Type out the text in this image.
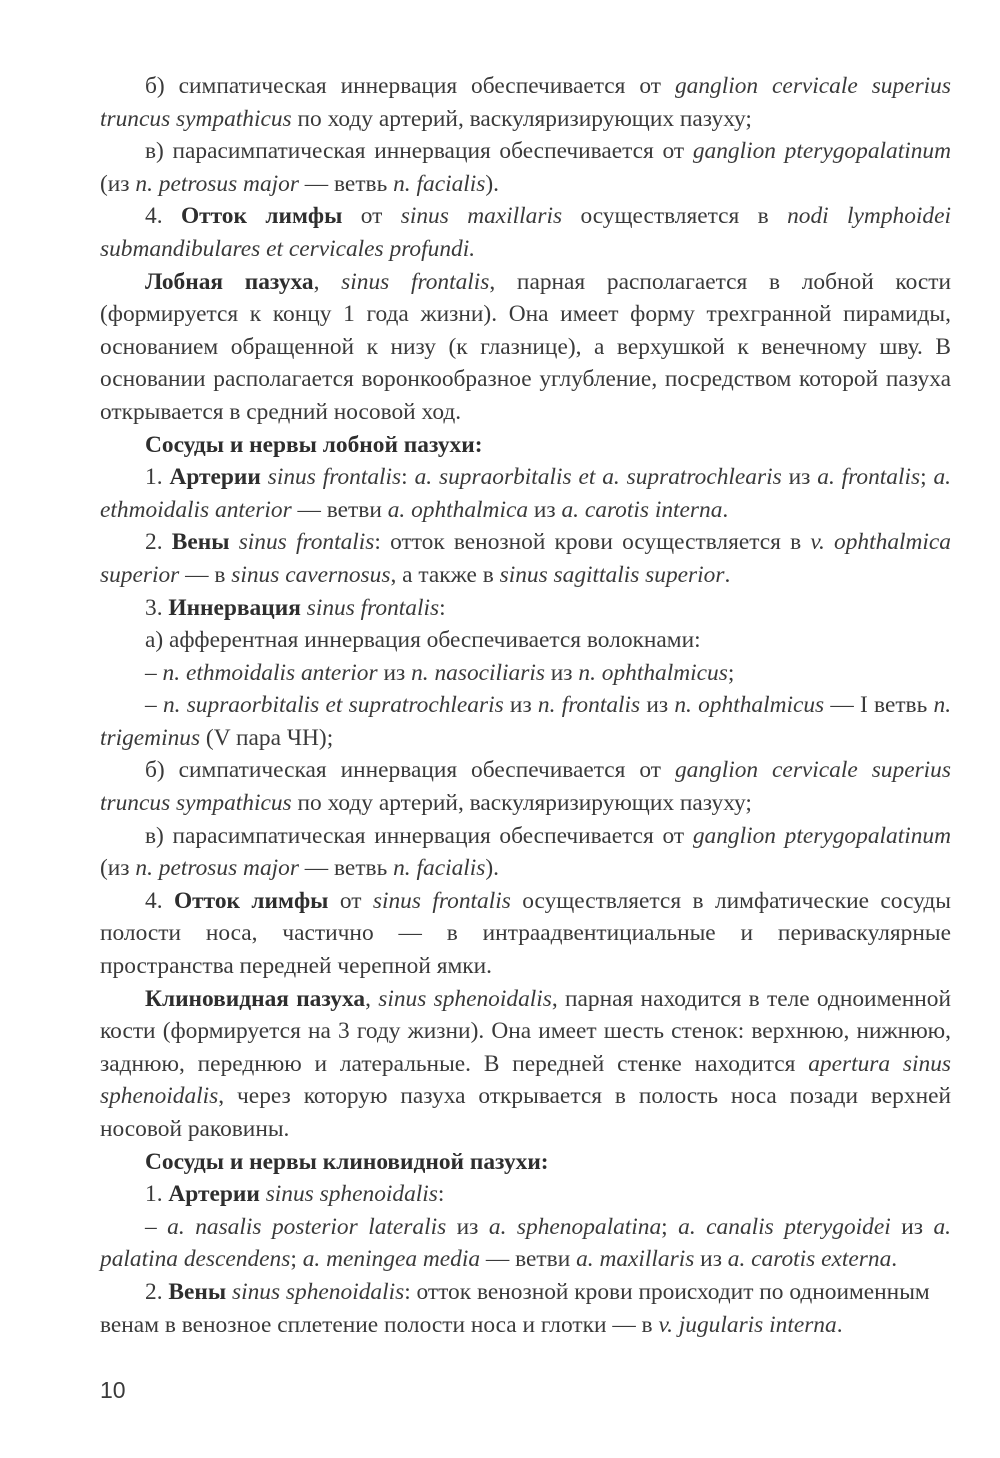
б) симпатическая иннервация обеспечивается от ganglion cervicale superius truncus sympathicus по ходу артерий, васкуляризирующих пазуху;

в) парасимпатическая иннервация обеспечивается от ganglion pterygopalatinum (из n. petrosus major — ветвь n. facialis).

4. Отток лимфы от sinus maxillaris осуществляется в nodi lymphoidei submandibulares et cervicales profundi.

Лобная пазуха, sinus frontalis, парная располагается в лобной кости (формируется к концу 1 года жизни). Она имеет форму трехгранной пирамиды, основанием обращенной к низу (к глазнице), а верхушкой к венечному шву. В основании располагается воронкообразное углубление, посредством которой пазуха открывается в средний носовой ход.

Сосуды и нервы лобной пазухи:

1. Артерии sinus frontalis: a. supraorbitalis et a. supratrochlearis из a. frontalis; a. ethmoidalis anterior — ветви a. ophthalmica из a. carotis interna.

2. Вены sinus frontalis: отток венозной крови осуществляется в v. ophthalmica superior — в sinus cavernosus, а также в sinus sagittalis superior.

3. Иннервация sinus frontalis:

а) афферентная иннервация обеспечивается волокнами:

– n. ethmoidalis anterior из n. nasociliaris из n. ophthalmicus;

– n. supraorbitalis et supratrochlearis из n. frontalis из n. ophthalmicus — I ветвь n. trigeminus (V пара ЧН);

б) симпатическая иннервация обеспечивается от ganglion cervicale superius truncus sympathicus по ходу артерий, васкуляризирующих пазуху;

в) парасимпатическая иннервация обеспечивается от ganglion pterygopalatinum (из n. petrosus major — ветвь n. facialis).

4. Отток лимфы от sinus frontalis осуществляется в лимфатические сосуды полости носа, частично — в интраадвентициальные и периваскулярные пространства передней черепной ямки.

Клиновидная пазуха, sinus sphenoidalis, парная находится в теле одноименной кости (формируется на 3 году жизни). Она имеет шесть стенок: верхнюю, нижнюю, заднюю, переднюю и латеральные. В передней стенке находится apertura sinus sphenoidalis, через которую пазуха открывается в полость носа позади верхней носовой раковины.

Сосуды и нервы клиновидной пазухи:

1. Артерии sinus sphenoidalis:

– a. nasalis posterior lateralis из a. sphenopalatina; a. canalis pterygoidei из a. palatina descendens; a. meningea media — ветви a. maxillaris из a. carotis externa.

2. Вены sinus sphenoidalis: отток венозной крови происходит по одноименным венам в венозное сплетение полости носа и глотки — в v. jugularis interna.

10
